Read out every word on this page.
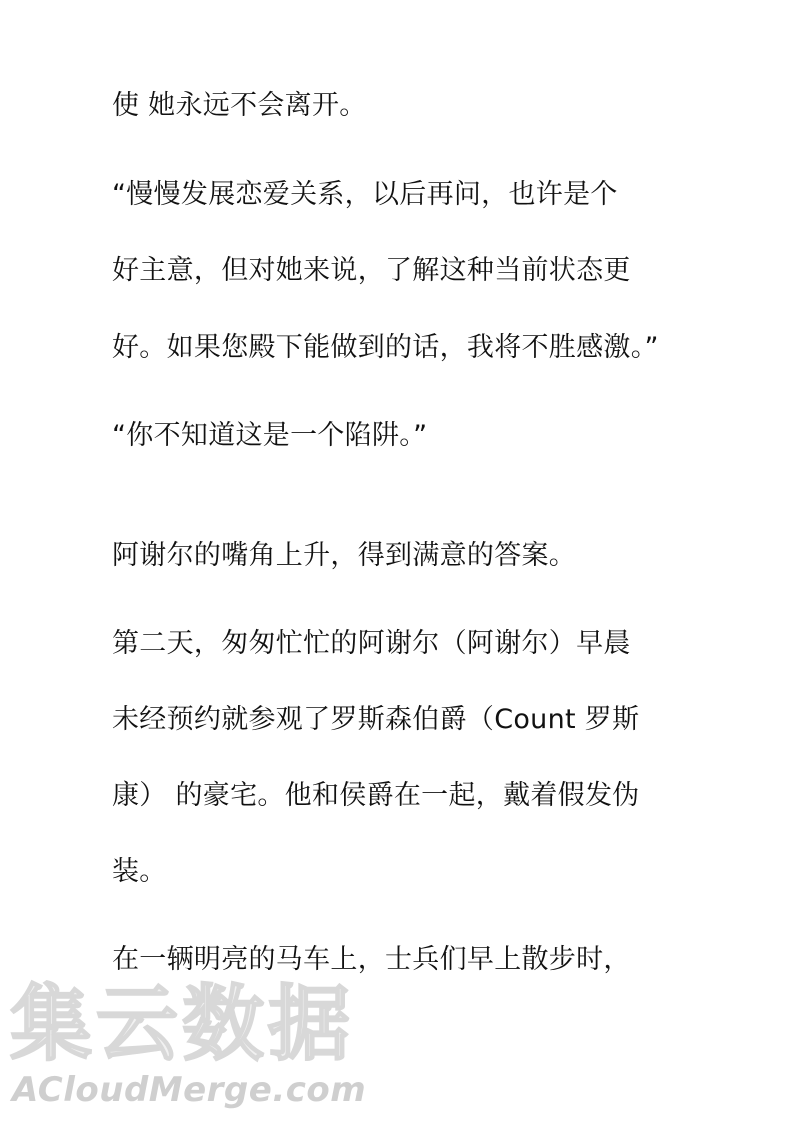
使 她永远不会离开。
“慢慢发展恋爱关系，以后再问，也许是个
好主意，但对她来说，了解这种当前状态更
好。如果您殿下能做到的话，我将不胜感激。”
“你不知道这是一个陷阱。”
阿谢尔的嘴角上升，得到满意的答案。
第二天，匆匆忙忙的阿谢尔（阿谢尔）早晨
未经预约就参观了罗斯森伯爵（Count 罗斯
康） 的豪宅。他和侯爵在一起，戴着假发伪
装。
在一辆明亮的马车上，士兵们早上散步时，
集云数据
ACloudMerge.com
